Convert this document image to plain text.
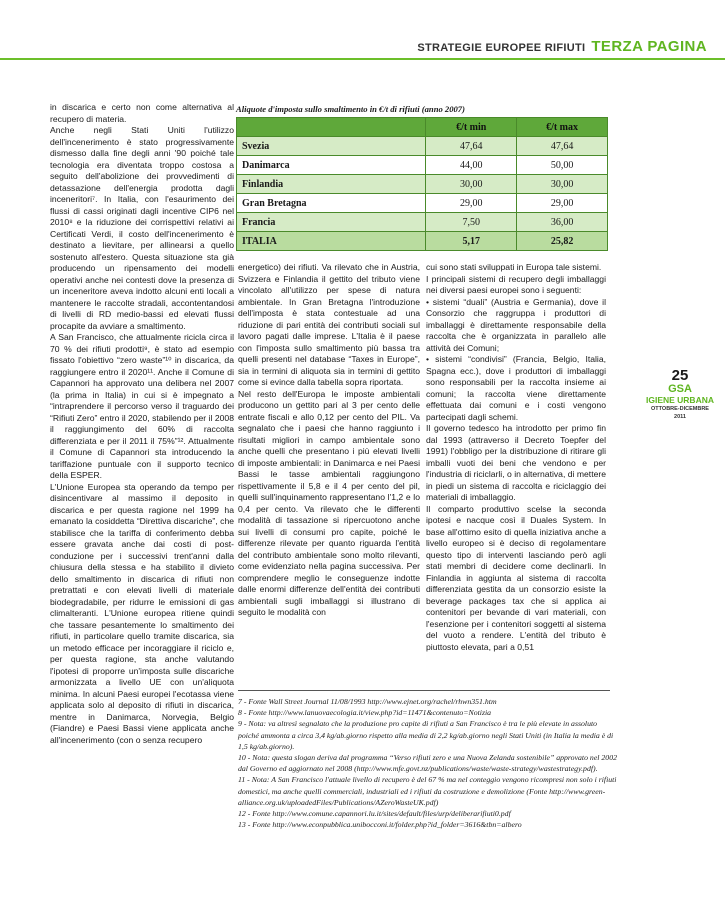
STRATEGIE EUROPEE RIFIUTI TERZA PAGINA

in discarica e certo non come alternativa al recupero di materia.

Anche negli Stati Uniti l'utilizzo dell'incenerimento è stato progressivamente dismesso dalla fine degli anni '90 poiché tale tecnologia era diventata troppo costosa a seguito dell'abolizione dei provvedimenti di detassazione dell'energia prodotta dagli inceneritori⁷. In Italia, con l'esaurimento dei flussi di cassi originati dagli incentive CIP6 nel 2010⁸ e la riduzione dei corrispettivi relativi ai Certificati Verdi, il costo dell'incenerimento è destinato a lievitare, per allinearsi a quello sostenuto all'estero. Questa situazione sta già producendo un ripensamento dei modelli operativi anche nei contesti dove la presenza di un inceneritore aveva indotto alcuni enti locali a mantenere le raccolte stradali, accontentandosi di livelli di RD medio-bassi ed elevati flussi procapite da avviare a smaltimento.

A San Francisco, che attualmente ricicla circa il 70 % dei rifiuti prodotti⁹, è stato ad esempio fissato l'obiettivo “zero waste”¹⁰ in discarica, da raggiungere entro il 2020¹¹. Anche il Comune di Capannori ha approvato una delibera nel 2007 (la prima in Italia) in cui si è impegnato a “intraprendere il percorso verso il traguardo dei “Rifiuti Zero” entro il 2020, stabilendo per il 2008 il raggiungimento del 60% di raccolta differenziata e per il 2011 il 75%”¹². Attualmente il Comune di Capannori sta introducendo la tariffazione puntuale con il supporto tecnico della ESPER.

L'Unione Europea sta operando da tempo per disincentivare al massimo il deposito in discarica e per questa ragione nel 1999 ha emanato la cosiddetta “Direttiva discariche”, che stabilisce che la tariffa di conferimento debba essere gravata anche dai costi di post-conduzione per i successivi trent'anni dalla chiusura della stessa e ha stabilito il divieto dello smaltimento in discarica di rifiuti non pretrattati e con elevati livelli di materiale biodegradabile, per ridurre le emissioni di gas climalteranti. L'Unione europea ritiene quindi che tassare pesantemente lo smaltimento dei rifiuti, in particolare quello tramite discarica, sia un metodo efficace per incoraggiare il riciclo e, per questa ragione, sta anche valutando l'ipotesi di proporre un'imposta sulle discariche armonizzata a livello UE con un'aliquota minima. In alcuni Paesi europei l'ecotassa viene applicata solo al deposito di rifiuti in discarica, mentre in Danimarca, Norvegia, Belgio (Fiandre) e Paesi Bassi viene applicata anche all'incenerimento (con o senza recupero

Aliquote d'imposta sullo smaltimento in €/t di rifiuti (anno 2007)
	€/t min	€/t max
Svezia	47,64	47,64
Danimarca	44,00	50,00
Finlandia	30,00	30,00
Gran Bretagna	29,00	29,00
Francia	7,50	36,00
ITALIA	5,17	25,82

energetico) dei rifiuti. Va rilevato che in Austria, Svizzera e Finlandia il gettito del tributo viene vincolato all'utilizzo per spese di natura ambientale. In Gran Bretagna l'introduzione dell'imposta è stata contestuale ad una riduzione di pari entità dei contributi sociali sul lavoro pagati dalle imprese. L'Italia è il paese con l'imposta sullo smaltimento più bassa tra quelli presenti nel database “Taxes in Europe”, sia in termini di aliquota sia in termini di gettito come si evince dalla tabella sopra riportata.

Nel resto dell'Europa le imposte ambientali producono un gettito pari al 3 per cento delle entrate fiscali e allo 0,12 per cento del PIL. Va segnalato che i paesi che hanno raggiunto i risultati migliori in campo ambientale sono anche quelli che presentano i più elevati livelli di imposte ambientali: in Danimarca e nei Paesi Bassi le tasse ambientali raggiungono rispettivamente il 5,8 e il 4 per cento del pil, quelli sull'inquinamento rappresentano l'1,2 e lo 0,4 per cento. Va rilevato che le differenti modalità di tassazione si ripercuotono anche sui livelli di consumi pro capite, poiché le differenze rilevate per quanto riguarda l'entità del contributo ambientale sono molto rilevanti, come evidenziato nella pagina successiva. Per comprendere meglio le conseguenze indotte dalle enormi differenze dell'entità dei contributi ambientali sugli imballaggi si illustrano di seguito le modalità con

cui sono stati sviluppati in Europa tale sistemi.

I principali sistemi di recupero degli imballaggi nei diversi paesi europei sono i seguenti:

• sistemi “duali” (Austria e Germania), dove il Consorzio che raggruppa i produttori di imballaggi è direttamente responsabile della raccolta che è organizzata in parallelo alle attività dei Comuni;

• sistemi “condivisi” (Francia, Belgio, Italia, Spagna ecc.), dove i produttori di imballaggi sono responsabili per la raccolta insieme ai comuni; la raccolta viene direttamente effettuata dai comuni e i costi vengono partecipati dagli schemi.

Il governo tedesco ha introdotto per primo fin dal 1993 (attraverso il Decreto Toepfer del 1991) l'obbligo per la distribuzione di ritirare gli imballi vuoti dei beni che vendono e per l'industria di riciclarli, o in alternativa, di mettere in piedi un sistema di raccolta e riciclaggio dei materiali di imballaggio.

Il comparto produttivo scelse la seconda ipotesi e nacque così il Duales System. In base all'ottimo esito di quella iniziativa anche a livello europeo si è deciso di regolamentare questo tipo di interventi lasciando però agli stati membri di decidere come declinarli. In Finlandia in aggiunta al sistema di raccolta differenziata gestita da un consorzio esiste la beverage packages tax che si applica ai contenitori per bevande di vari materiali, con l'esenzione per i contenitori soggetti al sistema del vuoto a rendere. L'entità del tributo è piuttosto elevata, pari a 0,51

25
GSA
IGIENE URBANA
OTTOBRE-DICEMBRE 2011

7 - Fonte Wall Street Journal 11/08/1993 http://www.ejnet.org/rachel/rhwn351.htm

8 - Fonte http://www.lanuovaecologia.it/view.php?id=11471&contenuto=Notizia

9 - Nota: va altresì segnalato che la produzione pro capite di rifiuti a San Francisco è tra le più elevate in assoluto poiché ammonta a circa 3,4 kg/ab.giorno rispetto alla media di 2,2 kg/ab.giorno negli Stati Uniti (in Italia la media è di 1,5 kg/ab.giorno).

10 - Nota: questa slogan deriva dal programma “Verso rifiuti zero e una Nuova Zelanda sostenibile” approvato nel 2002 dal Governo ed aggiornato nel 2008 (http://www.mfe.govt.nz/publications/waste/waste-strategy/wastestrategy.pdf).

11 - Nota: A San Francisco l'attuale livello di recupero è del 67 % ma nel conteggio vengono ricompresi non solo i rifiuti domestici, ma anche quelli commerciali, industriali ed i rifiuti da costruzione e demolizione (Fonte http://www.green-alliance.org.uk/uploadedFiles/Publications/AZeroWasteUK.pdf)

12 - Fonte http://www.comune.capannori.lu.it/sites/default/files/urp/deliberarifiuti0.pdf

13 - Fonte http://www.econpubblica.unibocconi.it/folder.php?id_folder=3616&tbn=albero
